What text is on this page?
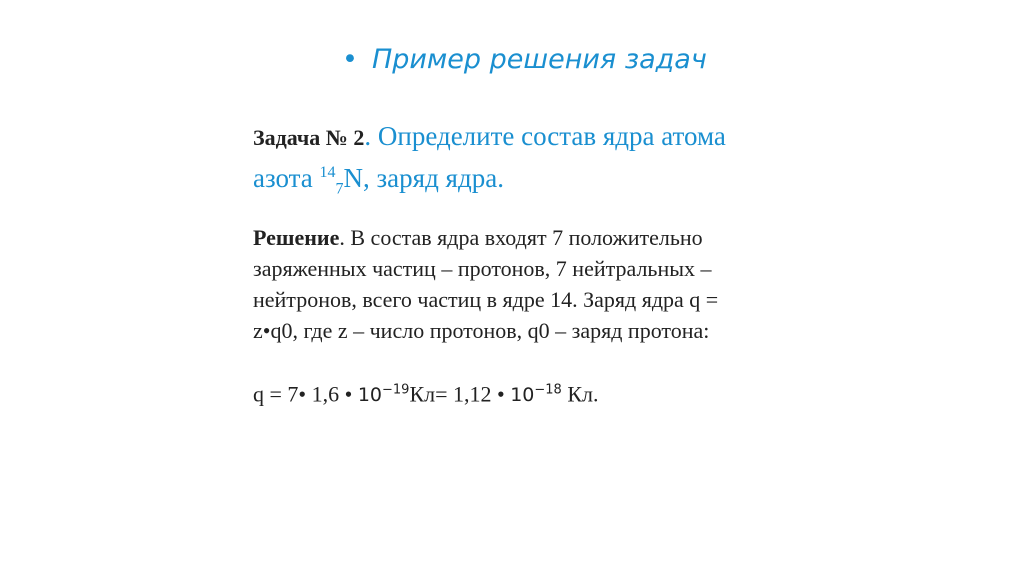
• Пример решения задач
Задача № 2. Определите состав ядра атома
азота $^{14}_7$N, заряд ядра.
Решение. В состав ядра входят 7 положительно
заряженных частиц – протонов, 7 нейтральных –
нейтронов, всего частиц в ядре 14. Заряд ядра q =
z•q0, где z – число протонов, q0 – заряд протона:
q = 7• 1,6 • $10^{-19}Кл= 1,12$ • $10^{-18}$ Кл.
